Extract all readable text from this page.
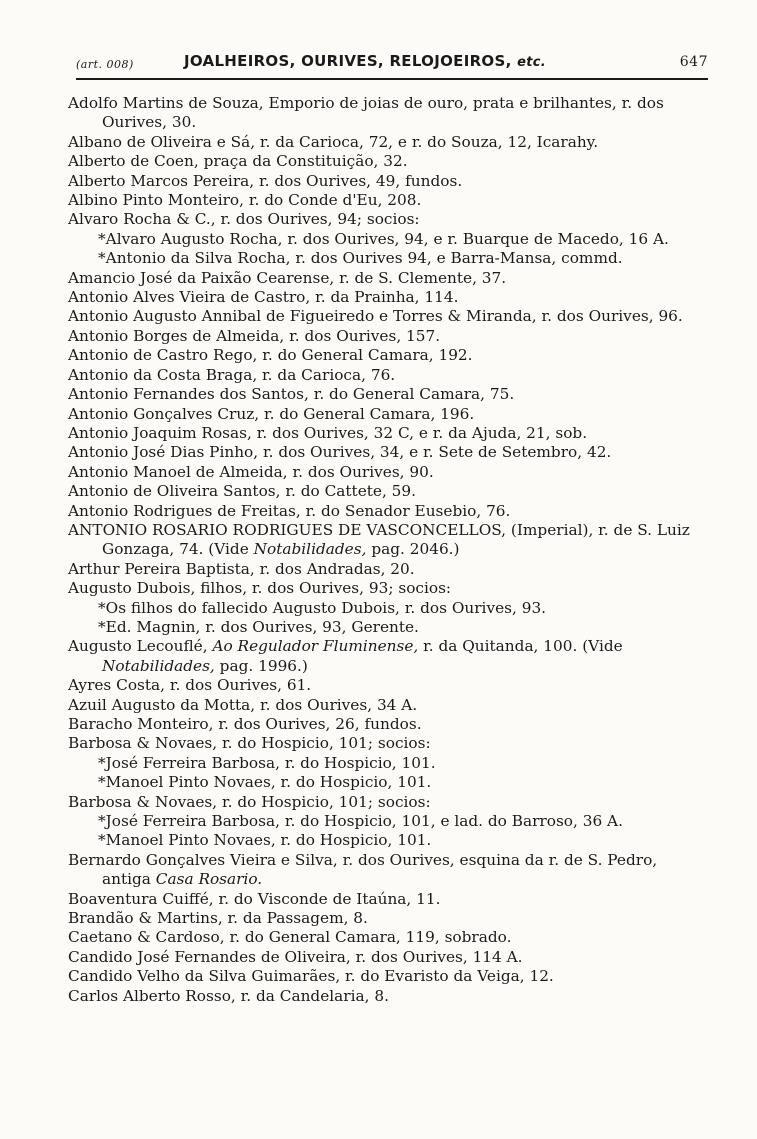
(art. 008)	JOALHEIROS, OURIVES, RELOJOEIROS, etc.	647
Adolfo Martins de Souza, Emporio de joias de ouro, prata e brilhantes, r. dos Ourives, 30.
Albano de Oliveira e Sá, r. da Carioca, 72, e r. do Souza, 12, Icarahy.
Alberto de Coen, praça da Constituição, 32.
Alberto Marcos Pereira, r. dos Ourives, 49, fundos.
Albino Pinto Monteiro, r. do Conde d'Eu, 208.
Alvaro Rocha & C., r. dos Ourives, 94; socios:
*Alvaro Augusto Rocha, r. dos Ourives, 94, e r. Buarque de Macedo, 16 A.
*Antonio da Silva Rocha, r. dos Ourives 94, e Barra-Mansa, commd.
Amancio José da Paixão Cearense, r. de S. Clemente, 37.
Antonio Alves Vieira de Castro, r. da Prainha, 114.
Antonio Augusto Annibal de Figueiredo e Torres & Miranda, r. dos Ourives, 96.
Antonio Borges de Almeida, r. dos Ourives, 157.
Antonio de Castro Rego, r. do General Camara, 192.
Antonio da Costa Braga, r. da Carioca, 76.
Antonio Fernandes dos Santos, r. do General Camara, 75.
Antonio Gonçalves Cruz, r. do General Camara, 196.
Antonio Joaquim Rosas, r. dos Ourives, 32 C, e r. da Ajuda, 21, sob.
Antonio José Dias Pinho, r. dos Ourives, 34, e r. Sete de Setembro, 42.
Antonio Manoel de Almeida, r. dos Ourives, 90.
Antonio de Oliveira Santos, r. do Cattete, 59.
Antonio Rodrigues de Freitas, r. do Senador Eusebio, 76.
ANTONIO ROSARIO RODRIGUES DE VASCONCELLOS, (Imperial), r. de S. Luiz Gonzaga, 74. (Vide Notabilidades, pag. 2046.)
Arthur Pereira Baptista, r. dos Andradas, 20.
Augusto Dubois, filhos, r. dos Ourives, 93; socios:
*Os filhos do fallecido Augusto Dubois, r. dos Ourives, 93.
*Ed. Magnin, r. dos Ourives, 93, Gerente.
Augusto Lecouflé, Ao Regulador Fluminense, r. da Quitanda, 100. (Vide Notabilidades, pag. 1996.)
Ayres Costa, r. dos Ourives, 61.
Azuil Augusto da Motta, r. dos Ourives, 34 A.
Baracho Monteiro, r. dos Ourives, 26, fundos.
Barbosa & Novaes, r. do Hospicio, 101; socios:
*José Ferreira Barbosa, r. do Hospicio, 101.
*Manoel Pinto Novaes, r. do Hospicio, 101.
Barbosa & Novaes, r. do Hospicio, 101; socios:
*José Ferreira Barbosa, r. do Hospicio, 101, e lad. do Barroso, 36 A.
*Manoel Pinto Novaes, r. do Hospicio, 101.
Bernardo Gonçalves Vieira e Silva, r. dos Ourives, esquina da r. de S. Pedro, antiga Casa Rosario.
Boaventura Cuiffé, r. do Visconde de Itaúna, 11.
Brandão & Martins, r. da Passagem, 8.
Caetano & Cardoso, r. do General Camara, 119, sobrado.
Candido José Fernandes de Oliveira, r. dos Ourives, 114 A.
Candido Velho da Silva Guimarães, r. do Evaristo da Veiga, 12.
Carlos Alberto Rosso, r. da Candelaria, 8.
